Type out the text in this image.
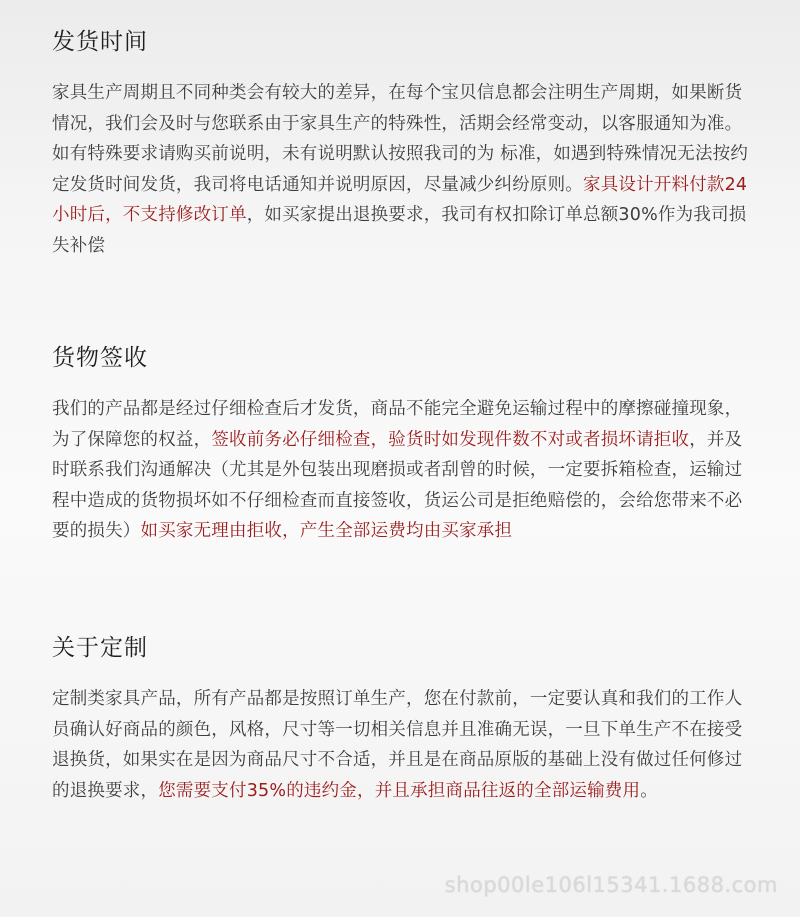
发货时间
家具生产周期且不同种类会有较大的差异，在每个宝贝信息都会注明生产周期，如果断货情况，我们会及时与您联系由于家具生产的特殊性，活期会经常变动，以客服通知为准。如有特殊要求请购买前说明，未有说明默认按照我司的为 标准，如遇到特殊情况无法按约定发货时间发货，我司将电话通知并说明原因，尽量减少纠纷原则。家具设计开料付款24小时后，不支持修改订单，如买家提出退换要求，我司有权扣除订单总额30%作为我司损失补偿
货物签收
我们的产品都是经过仔细检查后才发货，商品不能完全避免运输过程中的摩擦碰撞现象，为了保障您的权益，签收前务必仔细检查，验货时如发现件数不对或者损坏请拒收，并及时联系我们沟通解决（尤其是外包装出现磨损或者刮曾的时候，一定要拆箱检查，运输过程中造成的货物损坏如不仔细检查而直接签收，货运公司是拒绝赔偿的，会给您带来不必要的损失）如买家无理由拒收，产生全部运费均由买家承担
关于定制
定制类家具产品，所有产品都是按照订单生产，您在付款前，一定要认真和我们的工作人员确认好商品的颜色，风格，尺寸等一切相关信息并且准确无误，一旦下单生产不在接受退换货，如果实在是因为商品尺寸不合适，并且是在商品原版的基础上没有做过任何修过的退换要求，您需要支付35%的违约金，并且承担商品往返的全部运输费用。
shop00le106l15341.1688.com
